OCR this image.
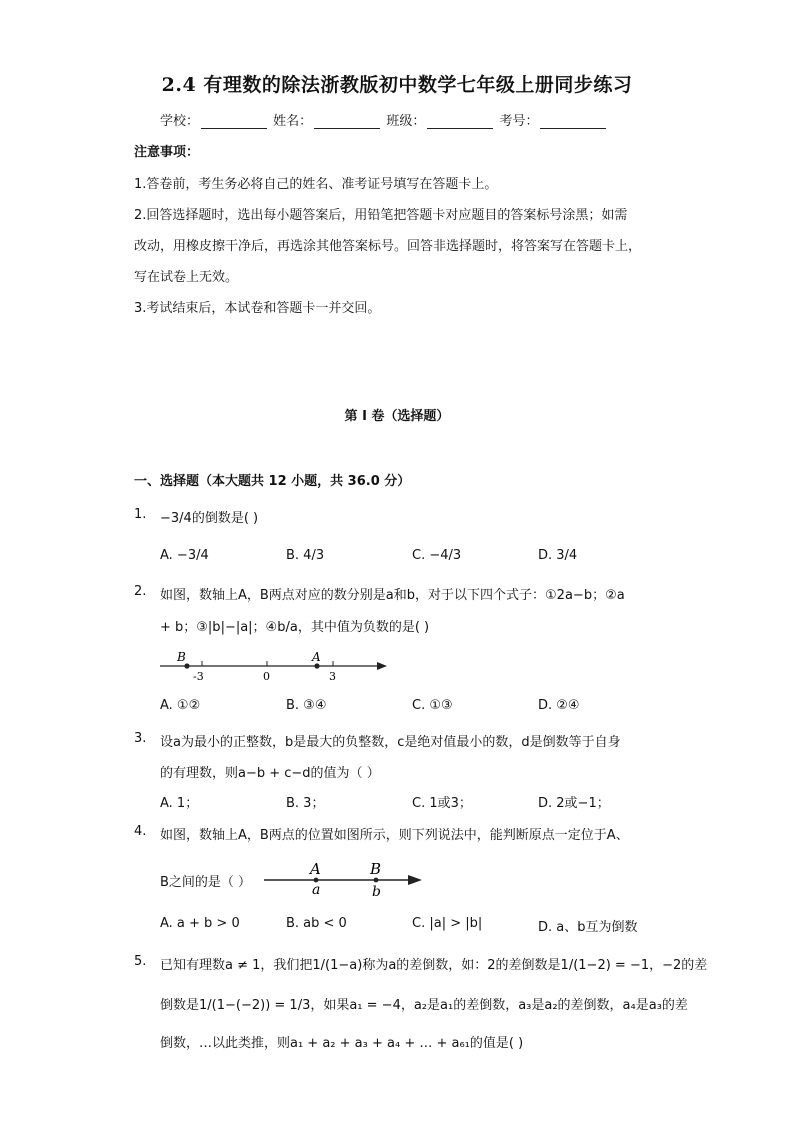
2.4 有理数的除法浙教版初中数学七年级上册同步练习
学校：	姓名：	班级：	考号：
注意事项：
1.答卷前，考生务必将自己的姓名、准考证号填写在答题卡上。
2.回答选择题时，选出每小题答案后，用铅笔把答题卡对应题目的答案标号涂黑；如需
改动，用橡皮擦干净后，再选涂其他答案标号。回答非选择题时，将答案写在答题卡上，
写在试卷上无效。
3.考试结束后，本试卷和答题卡一并交回。
第 I 卷（选择题）
一、选择题（本大题共 12 小题，共 36.0 分）
1. −3/4的倒数是( )
A. −3/4	B. 4/3	C. −4/3	D. 3/4
2. 如图，数轴上A，B两点对应的数分别是a和b，对于以下四个式子：①2a−b；②a
+ b；③|b|−|a|；④b/a，其中值为负数的是( )
B
-3	0
A
3
A. ①②	B. ③④	C. ①③	D. ②④
3. 设a为最小的正整数，b是最大的负整数，c是绝对值最小的数，d是倒数等于自身
的有理数，则a−b + c−d的值为（ ）
A. 1；	B. 3；	C. 1或3；	D. 2或−1；
4. 如图，数轴上A，B两点的位置如图所示，则下列说法中，能判断原点一定位于A、
B之间的是（ ）
A
a
B
b
A. a + b > 0	B. ab < 0	C. |a| > |b|	D. a、b互为倒数
5. 已知有理数a ≠ 1，我们把1/(1−a)称为a的差倒数，如：2的差倒数是1/(1−2) = −1，−2的差
倒数是1/(1−(−2)) = 1/3，如果a₁ = −4，a₂是a₁的差倒数，a₃是a₂的差倒数，a₄是a₃的差
倒数，…以此类推，则a₁ + a₂ + a₃ + a₄ + … + a₆₁的值是( )
